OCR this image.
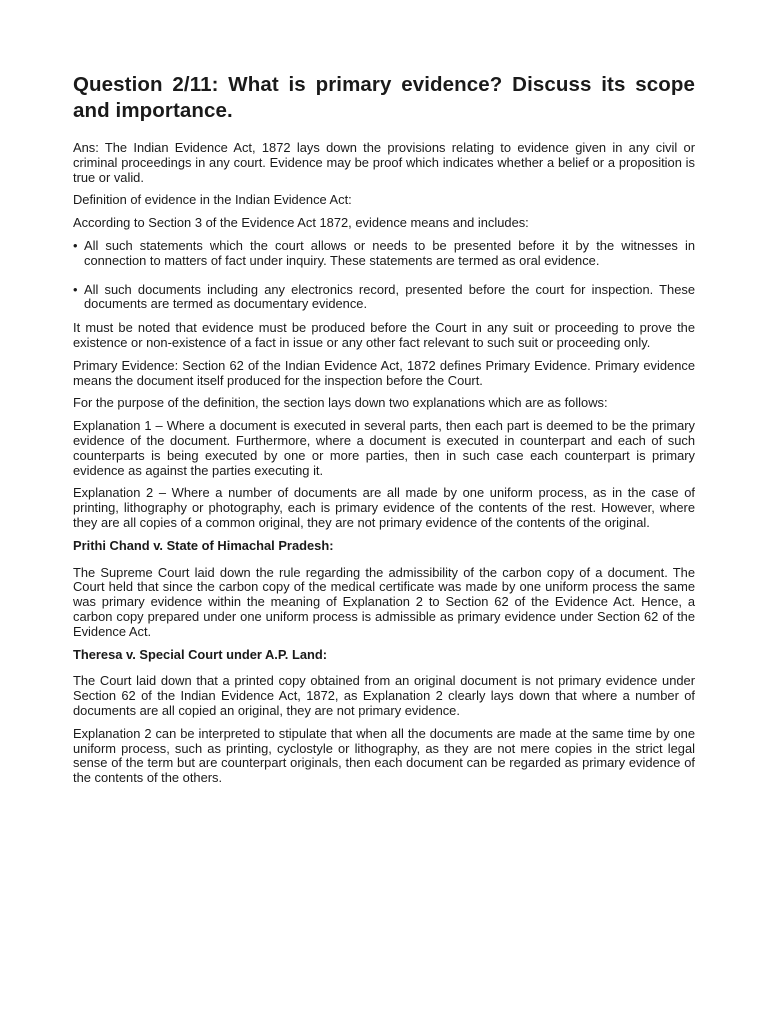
Question 2/11: What is primary evidence? Discuss its scope and importance.

Ans: The Indian Evidence Act, 1872 lays down the provisions relating to evidence given in any civil or criminal proceedings in any court. Evidence may be proof which indicates whether a belief or a proposition is true or valid.

Definition of evidence in the Indian Evidence Act:

According to Section 3 of the Evidence Act 1872, evidence means and includes:

• All such statements which the court allows or needs to be presented before it by the witnesses in connection to matters of fact under inquiry. These statements are termed as oral evidence.
• All such documents including any electronics record, presented before the court for inspection. These documents are termed as documentary evidence.

It must be noted that evidence must be produced before the Court in any suit or proceeding to prove the existence or non-existence of a fact in issue or any other fact relevant to such suit or proceeding only.

Primary Evidence: Section 62 of the Indian Evidence Act, 1872 defines Primary Evidence. Primary evidence means the document itself produced for the inspection before the Court.

For the purpose of the definition, the section lays down two explanations which are as follows:

Explanation 1 – Where a document is executed in several parts, then each part is deemed to be the primary evidence of the document. Furthermore, where a document is executed in counterpart and each of such counterparts is being executed by one or more parties, then in such case each counterpart is primary evidence as against the parties executing it.

Explanation 2 – Where a number of documents are all made by one uniform process, as in the case of printing, lithography or photography, each is primary evidence of the contents of the rest. However, where they are all copies of a common original, they are not primary evidence of the contents of the original.

Prithi Chand v. State of Himachal Pradesh:

The Supreme Court laid down the rule regarding the admissibility of the carbon copy of a document. The Court held that since the carbon copy of the medical certificate was made by one uniform process the same was primary evidence within the meaning of Explanation 2 to Section 62 of the Evidence Act. Hence, a carbon copy prepared under one uniform process is admissible as primary evidence under Section 62 of the Evidence Act.

Theresa v. Special Court under A.P. Land:

The Court laid down that a printed copy obtained from an original document is not primary evidence under Section 62 of the Indian Evidence Act, 1872, as Explanation 2 clearly lays down that where a number of documents are all copied an original, they are not primary evidence.

Explanation 2 can be interpreted to stipulate that when all the documents are made at the same time by one uniform process, such as printing, cyclostyle or lithography, as they are not mere copies in the strict legal sense of the term but are counterpart originals, then each document can be regarded as primary evidence of the contents of the others.
